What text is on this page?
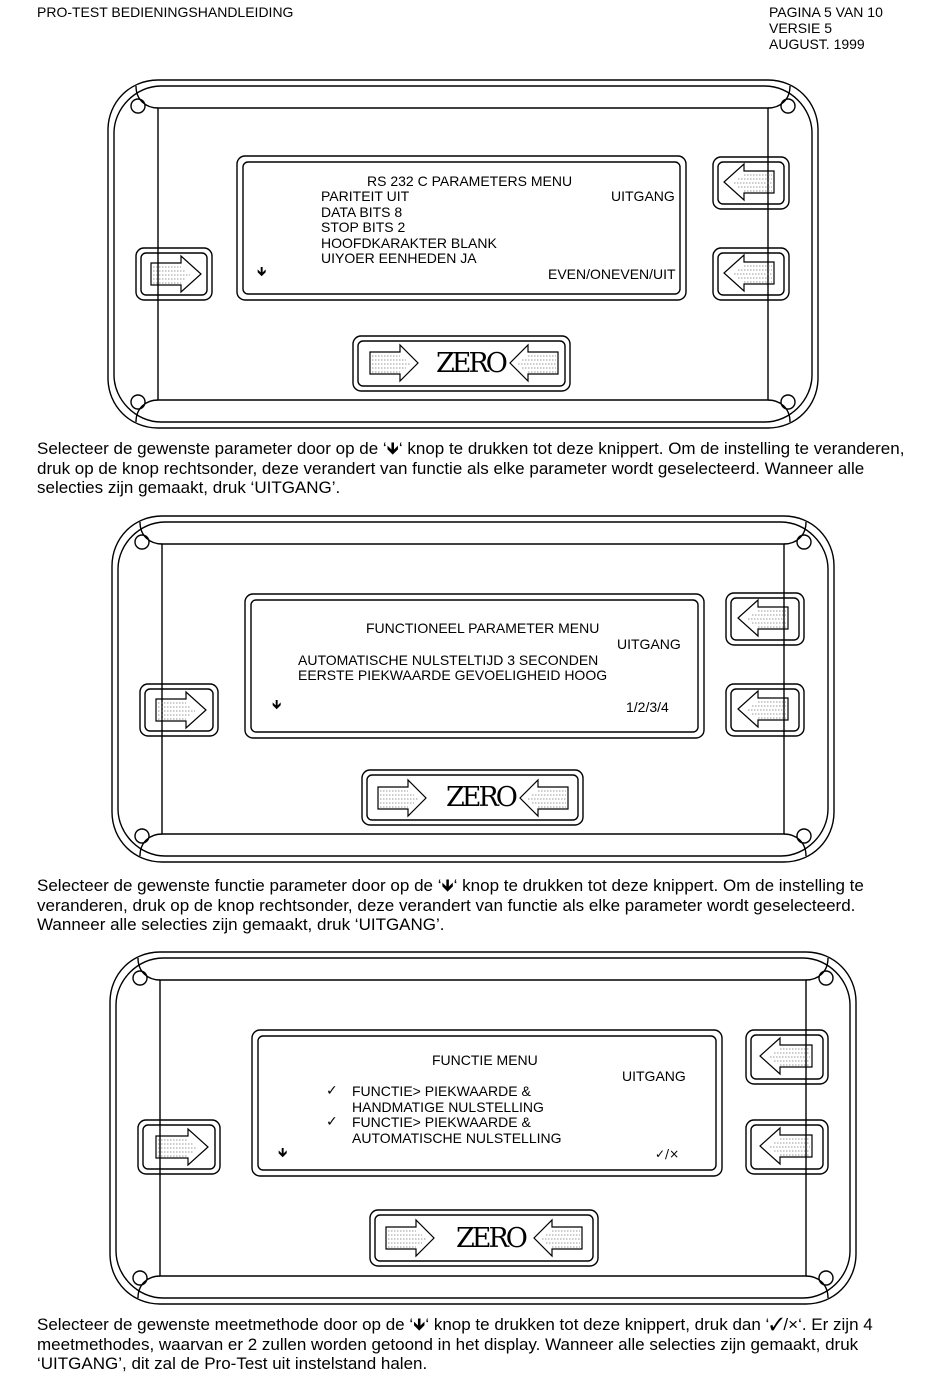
PRO-TEST BEDIENINGSHANDLEIDING	PAGINA 5 VAN 10
VERSIE 5
AUGUST. 1999
RS 232 C PARAMETERS MENU
PARITEIT UIT
DATA BITS 8
STOP BITS 2
HOOFDKARAKTER BLANK
UIYOER EENHEDEN JA
UITGANG
🡻	EVEN/ONEVEN/UIT
ZERO
Selecteer de gewenste parameter door op de ‘🡻‘ knop te drukken tot deze knippert. Om de instelling te veranderen, druk op de knop rechtsonder, deze verandert van functie als elke parameter wordt geselecteerd. Wanneer alle selecties zijn gemaakt, druk ‘UITGANG’.
FUNCTIONEEL PARAMETER MENU
UITGANG
AUTOMATISCHE NULSTELTIJD 3 SECONDEN
EERSTE PIEKWAARDE GEVOELIGHEID HOOG
🡻	1/2/3/4
ZERO
Selecteer de gewenste functie parameter door op de ‘🡻‘ knop te drukken tot deze knippert. Om de instelling te veranderen, druk op de knop rechtsonder, deze verandert van functie als elke parameter wordt geselecteerd. Wanneer alle selecties zijn gemaakt, druk ‘UITGANG’.
FUNCTIE MENU
UITGANG
✓ FUNCTIE> PIEKWAARDE &
HANDMATIGE NULSTELLING
✓ FUNCTIE> PIEKWAARDE &
AUTOMATISCHE NULSTELLING
🡻	✓/×
ZERO
Selecteer de gewenste meetmethode door op de ‘🡻‘ knop te drukken tot deze knippert, druk dan ‘✓/×‘. Er zijn 4 meetmethodes, waarvan er 2 zullen worden getoond in het display. Wanneer alle selecties zijn gemaakt, druk ‘UITGANG’, dit zal de Pro-Test uit instelstand halen.
